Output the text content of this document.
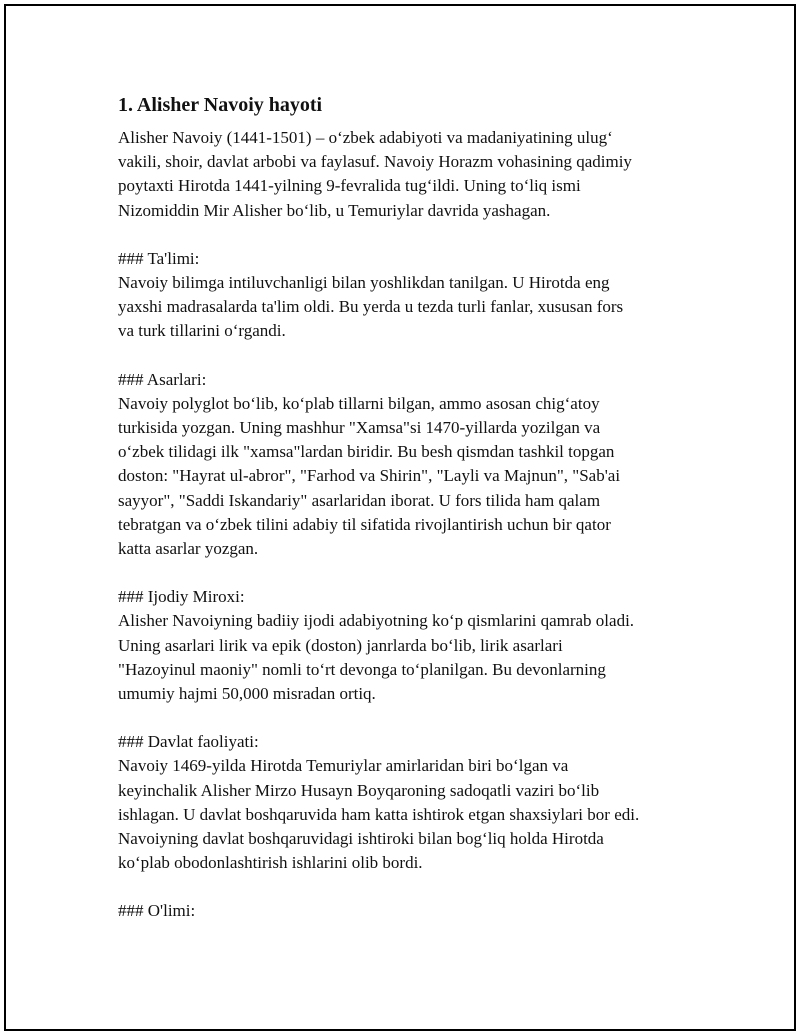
1. Alisher Navoiy hayoti
Alisher Navoiy (1441-1501) – oʻzbek adabiyoti va madaniyatining ulugʻ
vakili, shoir, davlat arbobi va faylasuf. Navoiy Horazm vohasining qadimiy
poytaxti Hirotda 1441-yilning 9-fevralida tugʻildi. Uning toʻliq ismi
Nizomiddin Mir Alisher boʻlib, u Temuriylar davrida yashagan.
### Ta'limi:
Navoiy bilimga intiluvchanligi bilan yoshlikdan tanilgan. U Hirotda eng
yaxshi madrasalarda ta'lim oldi. Bu yerda u tezda turli fanlar, xususan fors
va turk tillarini oʻrgandi.
### Asarlari:
Navoiy polyglot boʻlib, koʻplab tillarni bilgan, ammo asosan chigʻatoy
turkisida yozgan. Uning mashhur "Xamsa"si 1470-yillarda yozilgan va
oʻzbek tilidagi ilk "xamsa"lardan biridir. Bu besh qismdan tashkil topgan
doston: "Hayrat ul-abror", "Farhod va Shirin", "Layli va Majnun", "Sab'ai
sayyor", "Saddi Iskandariy" asarlaridan iborat. U fors tilida ham qalam
tebratgan va oʻzbek tilini adabiy til sifatida rivojlantirish uchun bir qator
katta asarlar yozgan.
### Ijodiy Miroxi:
Alisher Navoiyning badiiy ijodi adabiyotning koʻp qismlarini qamrab oladi.
Uning asarlari lirik va epik (doston) janrlarda boʻlib, lirik asarlari
"Hazoyinul maoniy" nomli toʻrt devonga toʻplanilgan. Bu devonlarning
umumiy hajmi 50,000 misradan ortiq.
### Davlat faoliyati:
Navoiy 1469-yilda Hirotda Temuriylar amirlaridan biri boʻlgan va
keyinchalik Alisher Mirzo Husayn Boyqaroning sadoqatli vaziri boʻlib
ishlagan. U davlat boshqaruvida ham katta ishtirok etgan shaxsiylari bor edi.
Navoiyning davlat boshqaruvidagi ishtiroki bilan bogʻliq holda Hirotda
koʻplab obodonlashtirish ishlarini olib bordi.
### O'limi:
